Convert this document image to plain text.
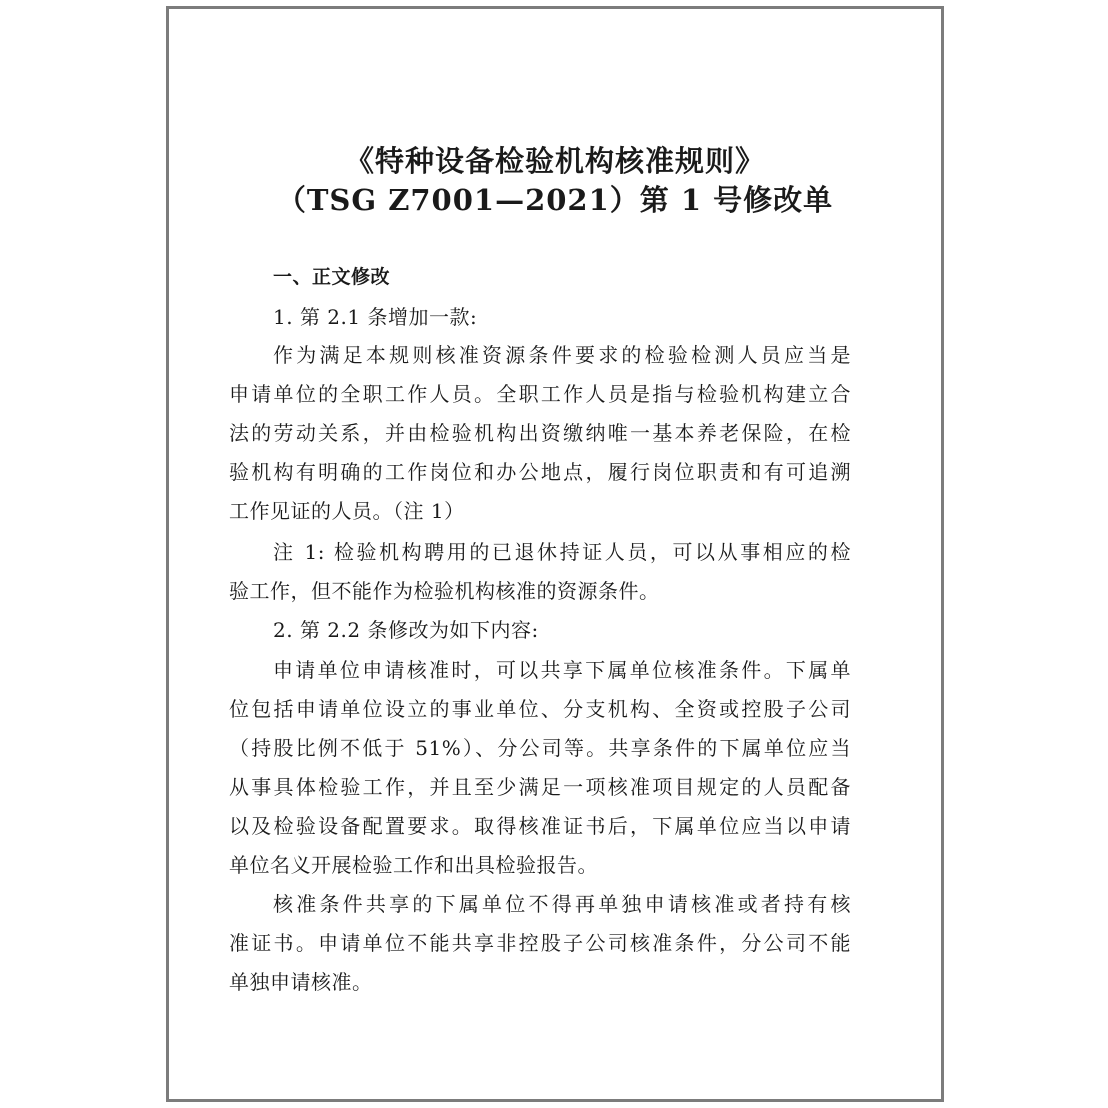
《特种设备检验机构核准规则》
（TSG Z7001—2021）第 1 号修改单
一、正文修改
1. 第 2.1 条增加一款:
作为满足本规则核准资源条件要求的检验检测人员应当是
申请单位的全职工作人员。全职工作人员是指与检验机构建立合
法的劳动关系，并由检验机构出资缴纳唯一基本养老保险，在检
验机构有明确的工作岗位和办公地点，履行岗位职责和有可追溯
工作见证的人员。（注 1）
注 1: 检验机构聘用的已退休持证人员，可以从事相应的检
验工作，但不能作为检验机构核准的资源条件。
2. 第 2.2 条修改为如下内容:
申请单位申请核准时，可以共享下属单位核准条件。下属单
位包括申请单位设立的事业单位、分支机构、全资或控股子公司
（持股比例不低于 51%）、分公司等。共享条件的下属单位应当
从事具体检验工作，并且至少满足一项核准项目规定的人员配备
以及检验设备配置要求。取得核准证书后，下属单位应当以申请
单位名义开展检验工作和出具检验报告。
核准条件共享的下属单位不得再单独申请核准或者持有核
准证书。申请单位不能共享非控股子公司核准条件，分公司不能
单独申请核准。
